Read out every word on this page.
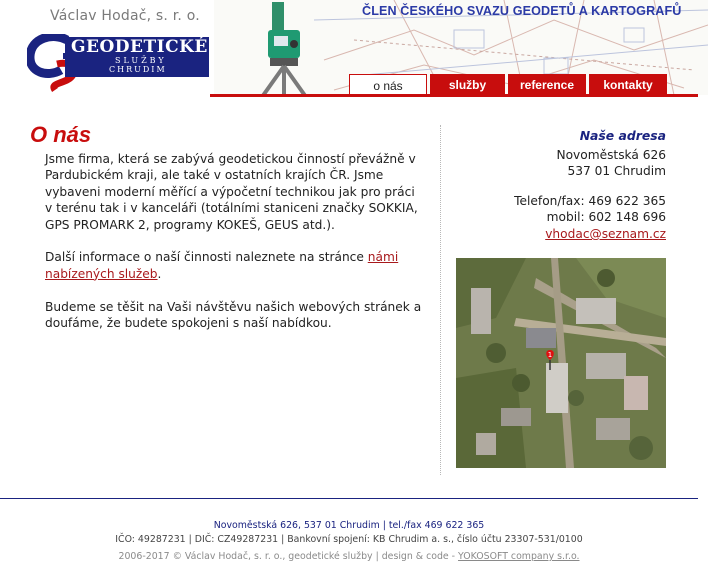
Václav Hodač, s. r. o.
GEODETICKÉ
SLUŽBY
CHRUDIM
ČLEN ČESKÉHO SVAZU GEODETŮ A KARTOGRAFŮ
o nás	služby	reference	kontakty
O nás

Jsme firma, která se zabývá geodetickou činností převážně v Pardubickém kraji, ale také v ostatních krajích ČR. Jsme vybaveni moderní měřící a výpočetní technikou jak pro práci v terénu tak i v kanceláři (totálními staniceni značky SOKKIA, GPS PROMARK 2, programy KOKEŠ, GEUS atd.).

Další informace o naší činnosti naleznete na stránce námi nabízených služeb.

Budeme se těšit na Vaši návštěvu našich webových stránek a doufáme, že budete spokojeni s naší nabídkou.

Naše adresa
Novoměstská 626
537 01 Chrudim
Telefon/fax: 469 622 365
mobil: 602 148 696
vhodac@seznam.cz
1
Novoměstská 626, 537 01 Chrudim | tel./fax 469 622 365
IČO: 49287231 | DIČ: CZ49287231 | Bankovní spojení: KB Chrudim a. s., číslo účtu 23307-531/0100
2006-2017 © Václav Hodač, s. r. o., geodetické služby | design & code - YOKOSOFT company s.r.o.
